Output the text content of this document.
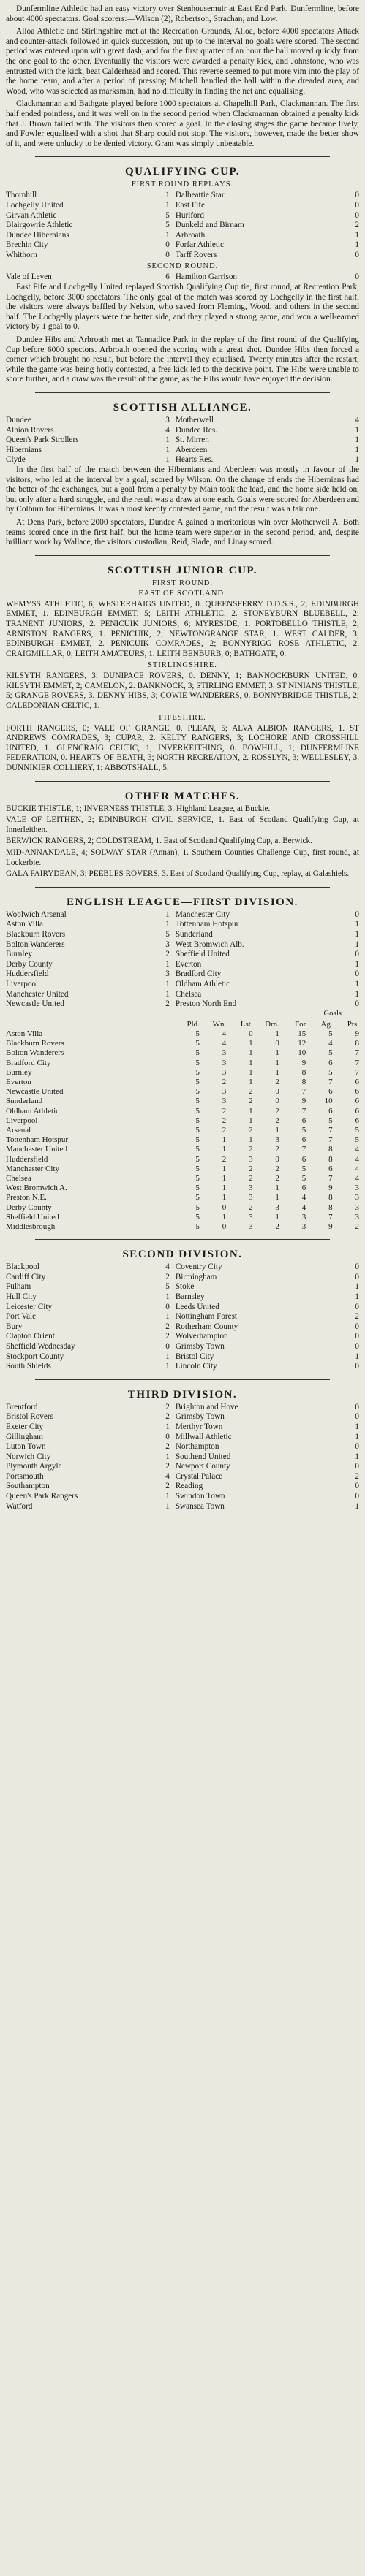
Dunfermline Athletic had an easy victory over Stenhousemuir at East End Park, Dunfermline, before about 4000 spectators. Goal scorers:—Wilson (2), Robertson, Strachan, and Low.

Alloa Athletic and Stirlingshire met at the Recreation Grounds, Alloa, before 4000 spectators Attack and counter-attack followed in quick succession, but up to the interval no goals were scored. The second period was entered upon with great dash, and for the first quarter of an hour the ball moved quickly from the one goal to the other. Eventually the visitors were awarded a penalty kick, and Johnstone, who was entrusted with the kick, beat Calderhead and scored. This reverse seemed to put more vim into the play of the home team, and after a period of pressing Mitchell handled the ball within the dreaded area, and Wood, who was selected as marksman, had no difficulty in finding the net and equalising.

Clackmannan and Bathgate played before 1000 spectators at Chapelhill Park, Clackmannan. The first half ended pointless, and it was well on in the second period when Clackmannan obtained a penalty kick that J. Brown failed with. The visitors then scored a goal. In the closing stages the game became lively, and Fowler equalised with a shot that Sharp could not stop. The visitors, however, made the better show of it, and were unlucky to be denied victory. Grant was simply unbeatable.

QUALIFYING CUP.
FIRST ROUND REPLAYS.
Thornhill	1	Dalbeattie Star	0
Lochgelly United	1	East Fife	0
Girvan Athletic	5	Hurlford	0
Blairgowrie Athletic	5	Dunkeld and Birnam	2
Dundee Hibernians	1	Arbroath	1
Brechin City	0	Forfar Athletic	1
Whithorn	0	Tarff Rovers	0
SECOND ROUND.
Vale of Leven	6	Hamilton Garrison	0

East Fife and Lochgelly United replayed Scottish Qualifying Cup tie, first round, at Recreation Park, Lochgelly, before 3000 spectators. The only goal of the match was scored by Lochgelly in the first half, the visitors were always baffled by Nelson, who saved from Fleming, Wood, and others in the second half. The Lochgelly players were the better side, and they played a strong game, and won a well-earned victory by 1 goal to 0.

Dundee Hibs and Arbroath met at Tannadice Park in the replay of the first round of the Qualifying Cup before 6000 spectors. Arbroath opened the scoring with a great shot. Dundee Hibs then forced a corner which brought no result, but before the interval they equalised. Twenty minutes after the restart, while the game was being hotly contested, a free kick led to the decisive point. The Hibs were unable to score further, and a draw was the result of the game, as the Hibs would have enjoyed the decision.

SCOTTISH ALLIANCE.
Dundee	3	Motherwell	4
Albion Rovers	4	Dundee Res.	1
Queen's Park Strollers	1	St. Mirren	1
Hibernians	1	Aberdeen	1
Clyde	1	Hearts Res.	1

In the first half of the match between the Hibernians and Aberdeen was mostly in favour of the visitors, who led at the interval by a goal, scored by Wilson. On the change of ends the Hibernians had the better of the exchanges, but a goal from a penalty by Main took the lead, and the home side held on, but only after a hard struggle, and the result was a draw at one each. Goals were scored for Aberdeen and by Colburn for Hibernians. It was a most keenly contested game, and the result was a fair one.

At Dens Park, before 2000 spectators, Dundee A gained a meritorious win over Motherwell A. Both teams scored once in the first half, but the home team were superior in the second period, and, despite brilliant work by Wallace, the visitors' custodian, Reid, Slade, and Linay scored.

SCOTTISH JUNIOR CUP.
FIRST ROUND.
EAST OF SCOTLAND.

WEMYSS ATHLETIC, 6; WESTERHAIGS UNITED, 0. QUEENSFERRY D.D.S.S., 2; EDINBURGH EMMET, 1. EDINBURGH EMMET, 5; LEITH ATHLETIC, 2. STONEYBURN BLUEBELL, 2; TRANENT JUNIORS, 2. PENICUIK JUNIORS, 6; MYRESIDE, 1. PORTOBELLO THISTLE, 2; ARNISTON RANGERS, 1. PENICUIK, 2; NEWTONGRANGE STAR, 1. WEST CALDER, 3; EDINBURGH EMMET, 2. PENICUIK COMRADES, 2; BONNYRIGG ROSE ATHLETIC, 2. CRAIGMILLAR, 0; LEITH AMATEURS, 1. LEITH BENBURB, 0; BATHGATE, 0.

STIRLINGSHIRE.

KILSYTH RANGERS, 3; DUNIPACE ROVERS, 0. DENNY, 1; BANNOCKBURN UNITED, 0. KILSYTH EMMET, 2; CAMELON, 2. BANKNOCK, 3; STIRLING EMMET, 3. ST NINIANS THISTLE, 5; GRANGE ROVERS, 3. DENNY HIBS, 3; COWIE WANDERERS, 0. BONNYBRIDGE THISTLE, 2; CALEDONIAN CELTIC, 1.

FIFESHIRE.

FORTH RANGERS, 0; VALE OF GRANGE, 0. PLEAN, 5; ALVA ALBION RANGERS, 1. ST ANDREWS COMRADES, 3; CUPAR, 2. KELTY RANGERS, 3; LOCHORE AND CROSSHILL UNITED, 1. GLENCRAIG CELTIC, 1; INVERKEITHING, 0. BOWHILL, 1; DUNFERMLINE FEDERATION, 0. HEARTS OF BEATH, 3; NORTH RECREATION, 2. ROSSLYN, 3; WELLESLEY, 3. DUNNIKIER COLLIERY, 1; ABBOTSHALL, 5.

OTHER MATCHES.

BUCKIE THISTLE, 1; INVERNESS THISTLE, 3. Highland League, at Buckie.

VALE OF LEITHEN, 2; EDINBURGH CIVIL SERVICE, 1. East of Scotland Qualifying Cup, at Innerleithen.

BERWICK RANGERS, 2; COLDSTREAM, 1. East of Scotland Qualifying Cup, at Berwick.

MID-ANNANDALE, 4; SOLWAY STAR (Annan), 1. Southern Counties Challenge Cup, first round, at Lockerbie.

GALA FAIRYDEAN, 3; PEEBLES ROVERS, 3. East of Scotland Qualifying Cup, replay, at Galashiels.

ENGLISH LEAGUE—FIRST DIVISION.
Woolwich Arsenal	1	Manchester City	0
Aston Villa	1	Tottenham Hotspur	1
Blackburn Rovers	5	Sunderland	1
Bolton Wanderers	3	West Bromwich Alb.	1
Burnley	2	Sheffield United	0
Derby County	1	Everton	1
Huddersfield	3	Bradford City	0
Liverpool	1	Oldham Athletic	1
Manchester United	1	Chelsea	1
Newcastle United	2	Preston North End	0
Goals
	Pld.	Wn.	Lst.	Drn.	For	Ag.	Pts.
Aston Villa	5	4	0	1	15	5	9
Blackburn Rovers	5	4	1	0	12	4	8
Bolton Wanderers	5	3	1	1	10	5	7
Bradford City	5	3	1	1	9	6	7
Burnley	5	3	1	1	8	5	7
Everton	5	2	1	2	8	7	6
Newcastle United	5	3	2	0	7	6	6
Sunderland	5	3	2	0	9	10	6
Oldham Athletic	5	2	1	2	7	6	6
Liverpool	5	2	1	2	6	5	6
Arsenal	5	2	2	1	5	7	5
Tottenham Hotspur	5	1	1	3	6	7	5
Manchester United	5	1	2	2	7	8	4
Huddersfield	5	2	3	0	6	8	4
Manchester City	5	1	2	2	5	6	4
Chelsea	5	1	2	2	5	7	4
West Bromwich A.	5	1	3	1	6	9	3
Preston N.E.	5	1	3	1	4	8	3
Derby County	5	0	2	3	4	8	3
Sheffield United	5	1	3	1	3	7	3
Middlesbrough	5	0	3	2	3	9	2
SECOND DIVISION.
Blackpool	4	Coventry City	0
Cardiff City	2	Birmingham	0
Fulham	5	Stoke	1
Hull City	1	Barnsley	1
Leicester City	0	Leeds United	0
Port Vale	1	Nottingham Forest	2
Bury	2	Rotherham County	0
Clapton Orient	2	Wolverhampton	0
Sheffield Wednesday	0	Grimsby Town	0
Stockport County	1	Bristol City	1
South Shields	1	Lincoln City	0
THIRD DIVISION.
Brentford	2	Brighton and Hove	0
Bristol Rovers	2	Grimsby Town	0
Exeter City	1	Merthyr Town	1
Gillingham	0	Millwall Athletic	1
Luton Town	2	Northampton	0
Norwich City	1	Southend United	1
Plymouth Argyle	2	Newport County	0
Portsmouth	4	Crystal Palace	2
Southampton	2	Reading	0
Queen's Park Rangers	1	Swindon Town	0
Watford	1	Swansea Town	1
